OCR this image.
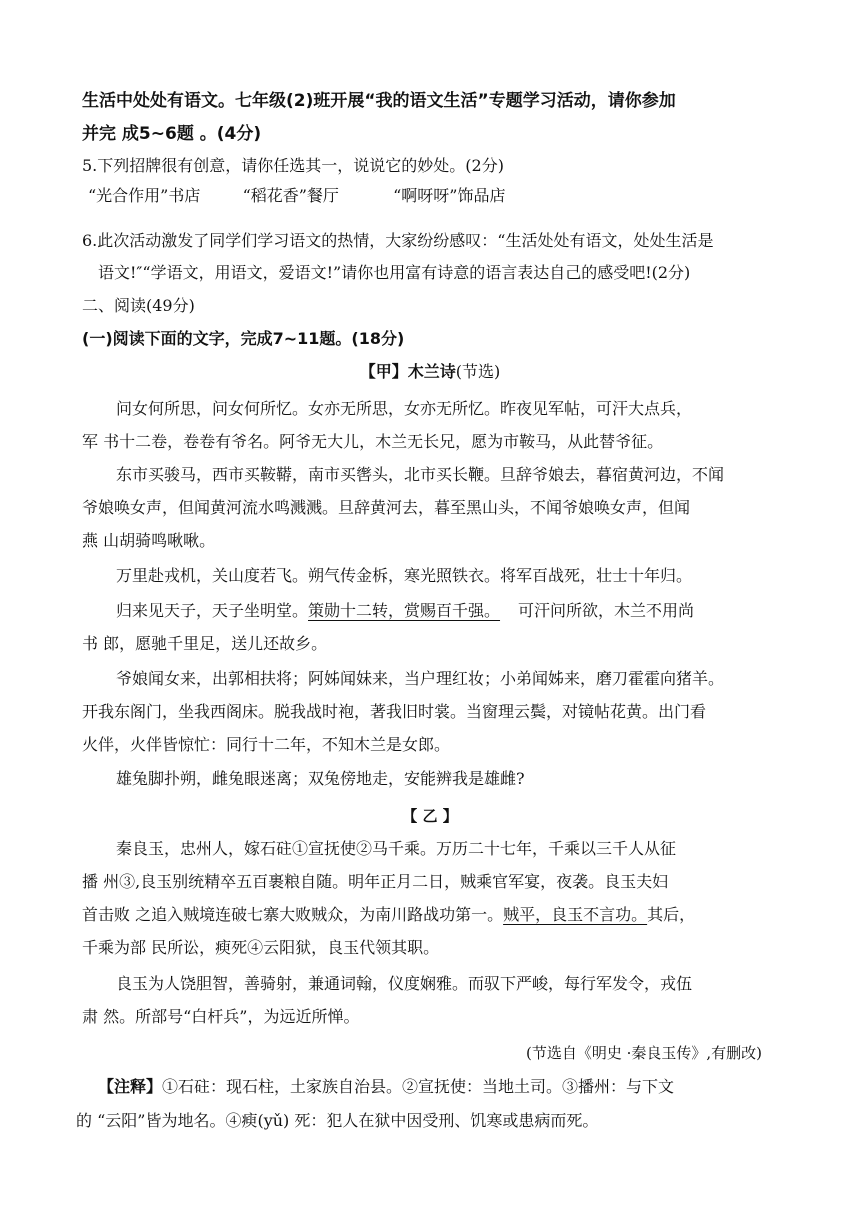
生活中处处有语文。七年级(2)班开展“我的语文生活”专题学习活动，请你参加

并完 成5~6题 。(4分)

5.下列招牌很有创意，请你任选其一，说说它的妙处。(2分)

“光合作用”书店	“稻花香”餐厅	“啊呀呀”饰品店

6.此次活动激发了同学们学习语文的热情，大家纷纷感叹：“生活处处有语文，处处生活是

语文!″“学语文，用语文，爱语文!”请你也用富有诗意的语言表达自己的感受吧!(2分)

二、阅读(49分)

(一)阅读下面的文字，完成7~11题。(18分)

【甲】木兰诗(节选)

问女何所思，问女何所忆。女亦无所思，女亦无所忆。昨夜见军帖，可汗大点兵，

军 书十二卷，卷卷有爷名。阿爷无大儿，木兰无长兄，愿为市鞍马，从此替爷征。

东市买骏马，西市买鞍鞯，南市买辔头，北市买长鞭。旦辞爷娘去，暮宿黄河边，不闻

爷娘唤女声，但闻黄河流水鸣溅溅。旦辞黄河去，暮至黑山头，不闻爷娘唤女声，但闻

燕 山胡骑鸣啾啾。

万里赴戎机，关山度若飞。朔气传金柝，寒光照铁衣。将军百战死，壮士十年归。

归来见天子，天子坐明堂。策勋十二转，赏赐百千强。 可汗问所欲，木兰不用尚

书 郎，愿驰千里足，送儿还故乡。

爷娘闻女来，出郭相扶将；阿姊闻妹来，当户理红妆；小弟闻姊来，磨刀霍霍向猪羊。

开我东阁门，坐我西阁床。脱我战时袍，著我旧时裳。当窗理云鬓，对镜帖花黄。出门看

火伴，火伴皆惊忙：同行十二年，不知木兰是女郎。

雄兔脚扑朔，雌兔眼迷离；双兔傍地走，安能辨我是雄雌?

【 乙 】

秦良玉，忠州人，嫁石砫①宣抚使②马千乘。万历二十七年，千乘以三千人从征

播 州③,良玉别统精卒五百裹粮自随。明年正月二日，贼乘官军宴，夜袭。良玉夫妇

首击败 之追入贼境连破七寨大败贼众，为南川路战功第一。贼平，良玉不言功。其后，

千乘为部 民所讼，瘐死④云阳狱，良玉代领其职。

良玉为人饶胆智，善骑射，兼通词翰，仪度娴雅。而驭下严峻，每行军发令，戎伍

肃 然。所部号“白杆兵”，为远近所惮。

(节选自《明史 ·秦良玉传》,有删改)

【注释】①石砫：现石柱，土家族自治县。②宣抚使：当地土司。③播州：与下文

的 “云阳”皆为地名。④瘐(yǔ) 死：犯人在狱中因受刑、饥寒或患病而死。
